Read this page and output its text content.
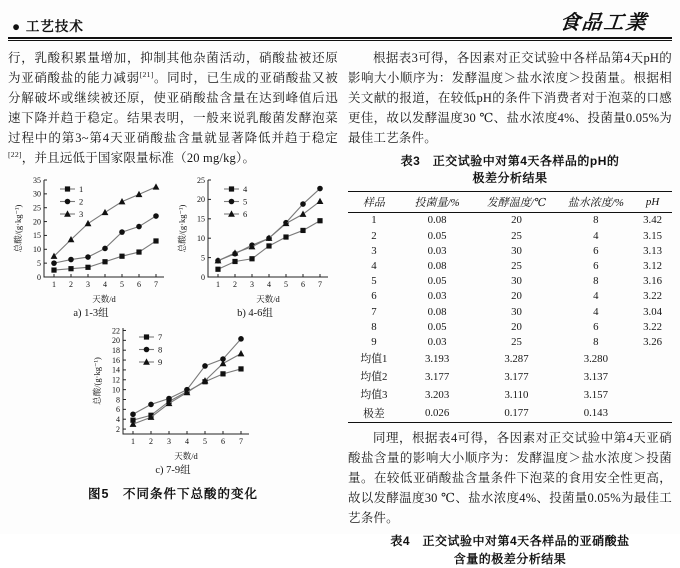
● 工艺技术	食品工業
行，乳酸积累量增加，抑制其他杂菌活动，硝酸盐被还原为亚硝酸盐的能力减弱[21]。同时，已生成的亚硝酸盐又被分解破坏或继续被还原，使亚硝酸盐含量在达到峰值后迅速下降并趋于稳定。结果表明，一般来说乳酸菌发酵泡菜过程中的第3~第4天亚硝酸盐含量就显著降低并趋于稳定[22]，并且远低于国家限量标准（20 mg/kg）。
0
5
10
15
20
25
30
35
1 2 3 4 5 6 7
总酸/(g·kg⁻¹)
天数/d
1
2
3
a) 1-3组
0
5
10
15
20
25
1 2 3 4 5 6 7
总酸/(g·kg⁻¹)
天数/d
4
5
6
b) 4-6组
2
4
6
8
10
12
14
16
18
20
22
1 2 3 4 5 6 7
总酸/(g·kg⁻¹)
天数/d
7
8
9
c) 7-9组
图5　不同条件下总酸的变化
根据表3可得，各因素对正交试验中各样品第4天pH的影响大小顺序为：发酵温度＞盐水浓度＞投菌量。根据相关文献的报道，在较低pH的条件下消费者对于泡菜的口感更佳，故以发酵温度30 ℃、盐水浓度4%、投菌量0.05%为最佳工艺条件。
表3　正交试验中对第4天各样品的pH的
极差分析结果
样品	投菌量/%	发酵温度/℃	盐水浓度/%	pH
1	0.08	20	8	3.42
2	0.05	25	4	3.15
3	0.03	30	6	3.13
4	0.08	25	6	3.12
5	0.05	30	8	3.16
6	0.03	20	4	3.22
7	0.08	30	4	3.04
8	0.05	20	6	3.22
9	0.03	25	8	3.26
均值1	3.193	3.287	3.280	
均值2	3.177	3.177	3.137	
均值3	3.203	3.110	3.157	
极差	0.026	0.177	0.143	
同理，根据表4可得，各因素对正交试验中第4天亚硝酸盐含量的影响大小顺序为：发酵温度＞盐水浓度＞投菌量。在较低亚硝酸盐含量条件下泡菜的食用安全性更高，故以发酵温度30 ℃、盐水浓度4%、投菌量0.05%为最佳工艺条件。
表4　正交试验中对第4天各样品的亚硝酸盐
含量的极差分析结果
